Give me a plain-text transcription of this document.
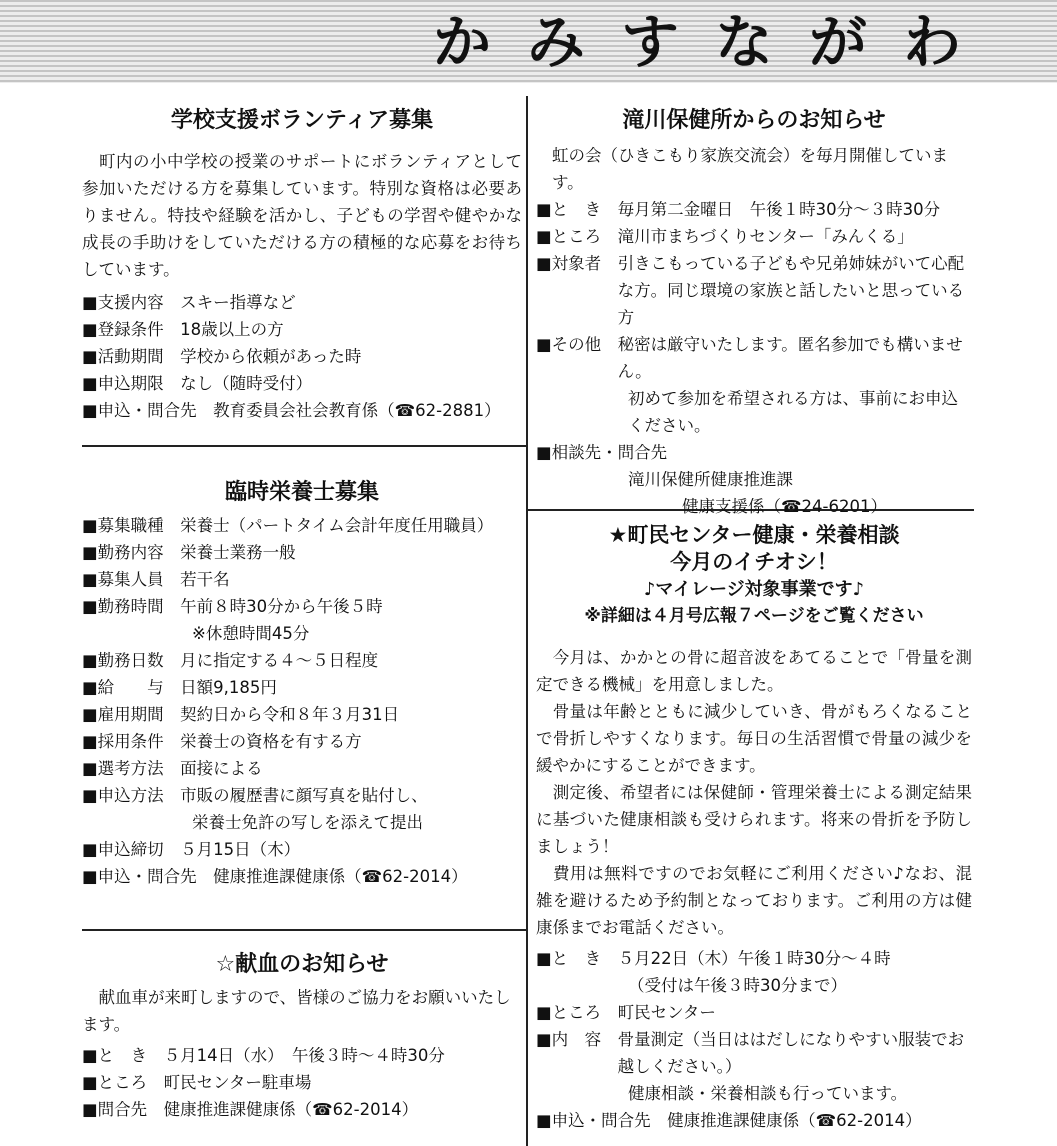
かみすながわ
学校支援ボランティア募集

　町内の小中学校の授業のサポートにボランティアとして参加いただける方を募集しています。特別な資格は必要ありません。特技や経験を活かし、子どもの学習や健やかな成長の手助けをしていただける方の積極的な応募をお待ちしています。

■支援内容　 スキー指導など
■登録条件　 18歳以上の方
■活動期間　 学校から依頼があった時
■申込期限　 なし（随時受付）
■申込・問合先　 教育委員会社会教育係（☎62-2881）
臨時栄養士募集
■募集職種　 栄養士（パートタイム会計年度任用職員）
■勤務内容　 栄養士業務一般
■募集人員　 若干名
■勤務時間　 午前８時30分から午後５時
※休憩時間45分
■勤務日数　 月に指定する４～５日程度
■給　　与　 日額9,185円
■雇用期間　 契約日から令和８年３月31日
■採用条件　 栄養士の資格を有する方
■選考方法　 面接による
■申込方法　 市販の履歴書に顔写真を貼付し、
栄養士免許の写しを添えて提出
■申込締切　 ５月15日（木）
■申込・問合先　 健康推進課健康係（☎62-2014）
☆献血のお知らせ

　献血車が来町しますので、皆様のご協力をお願いいたします。

■と　き　 ５月14日（水）　午後３時～４時30分
■ところ　 町民センター駐車場
■問合先　 健康推進課健康係（☎62-2014）
滝川保健所からのお知らせ

虹の会（ひきこもり家族交流会）を毎月開催しています。

■と　き　 毎月第二金曜日　午後１時30分～３時30分
■ところ　 滝川市まちづくりセンター「みんくる」
■対象者　 引きこもっている子どもや兄弟姉妹がいて心配な方。同じ環境の家族と話したいと思っている方
■その他　 秘密は厳守いたします。匿名参加でも構いません。
初めて参加を希望される方は、事前にお申込ください。
■相談先・問合先
滝川保健所健康推進課
健康支援係（☎24-6201）
★町民センター健康・栄養相談
今月のイチオシ！
♪マイレージ対象事業です♪
※詳細は４月号広報７ページをご覧ください

　今月は、かかとの骨に超音波をあてることで「骨量を測定できる機械」を用意しました。

　骨量は年齢とともに減少していき、骨がもろくなることで骨折しやすくなります。毎日の生活習慣で骨量の減少を緩やかにすることができます。

　測定後、希望者には保健師・管理栄養士による測定結果に基づいた健康相談も受けられます。将来の骨折を予防しましょう！

　費用は無料ですのでお気軽にご利用ください♪なお、混雑を避けるため予約制となっております。ご利用の方は健康係までお電話ください。

■と　き　 ５月22日（木）午後１時30分～４時
（受付は午後３時30分まで）
■ところ　 町民センター
■内　容　 骨量測定（当日ははだしになりやすい服装でお越しください。）
健康相談・栄養相談も行っています。
■申込・問合先　 健康推進課健康係（☎62-2014）
